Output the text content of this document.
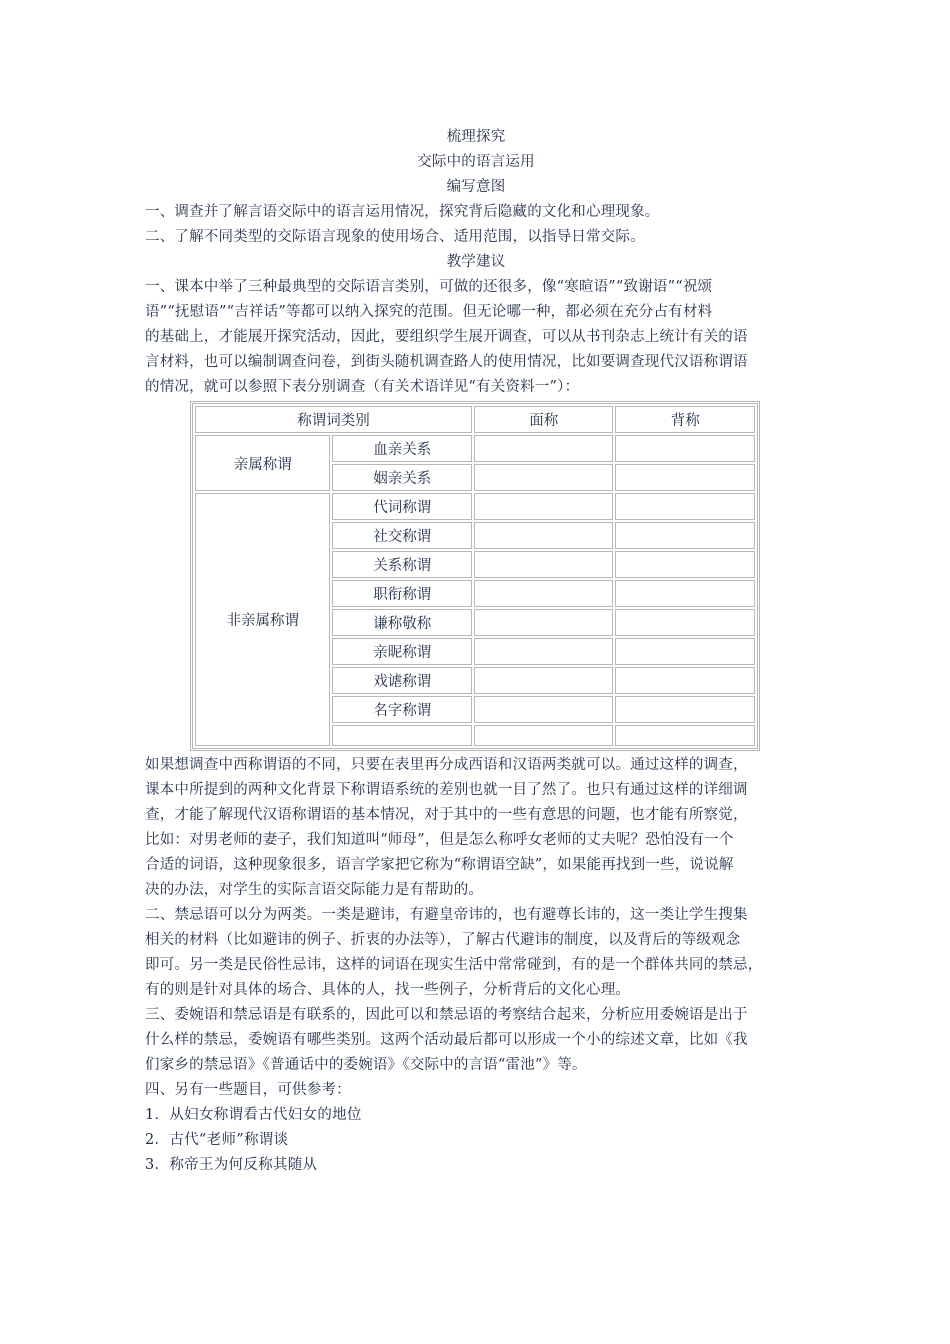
梳理探究
交际中的语言运用
编写意图
一、调查并了解言语交际中的语言运用情况，探究背后隐藏的文化和心理现象。
二、了解不同类型的交际语言现象的使用场合、适用范围，以指导日常交际。
教学建议
一、课本中举了三种最典型的交际语言类别，可做的还很多，像“寒暄语”“致谢语”“祝颂
语”“抚慰语”“吉祥话”等都可以纳入探究的范围。但无论哪一种，都必须在充分占有材料
的基础上，才能展开探究活动，因此，要组织学生展开调查，可以从书刊杂志上统计有关的语
言材料，也可以编制调查问卷，到街头随机调查路人的使用情况，比如要调查现代汉语称谓语
的情况，就可以参照下表分别调查（有关术语详见“有关资料一”）：
称谓词类别		面称	背称
亲属称谓	血亲关系		
	姻亲关系		
非亲属称谓	代词称谓		
	社交称谓		
	关系称谓		
	职衔称谓		
	谦称敬称		
	亲昵称谓		
	戏谑称谓		
	名字称谓		

如果想调查中西称谓语的不同，只要在表里再分成西语和汉语两类就可以。通过这样的调查，
课本中所提到的两种文化背景下称谓语系统的差别也就一目了然了。也只有通过这样的详细调
查，才能了解现代汉语称谓语的基本情况，对于其中的一些有意思的问题，也才能有所察觉，
比如：对男老师的妻子，我们知道叫“师母”，但是怎么称呼女老师的丈夫呢？恐怕没有一个
合适的词语，这种现象很多，语言学家把它称为“称谓语空缺”，如果能再找到一些，说说解
决的办法，对学生的实际言语交际能力是有帮助的。
二、禁忌语可以分为两类。一类是避讳，有避皇帝讳的，也有避尊长讳的，这一类让学生搜集
相关的材料（比如避讳的例子、折衷的办法等），了解古代避讳的制度，以及背后的等级观念
即可。另一类是民俗性忌讳，这样的词语在现实生活中常常碰到，有的是一个群体共同的禁忌，
有的则是针对具体的场合、具体的人，找一些例子，分析背后的文化心理。
三、委婉语和禁忌语是有联系的，因此可以和禁忌语的考察结合起来，分析应用委婉语是出于
什么样的禁忌，委婉语有哪些类别。这两个活动最后都可以形成一个小的综述文章，比如《我
们家乡的禁忌语》《普通话中的委婉语》《交际中的言语“雷池”》等。
四、另有一些题目，可供参考：
1．从妇女称谓看古代妇女的地位
2．古代“老师”称谓谈
3．称帝王为何反称其随从
